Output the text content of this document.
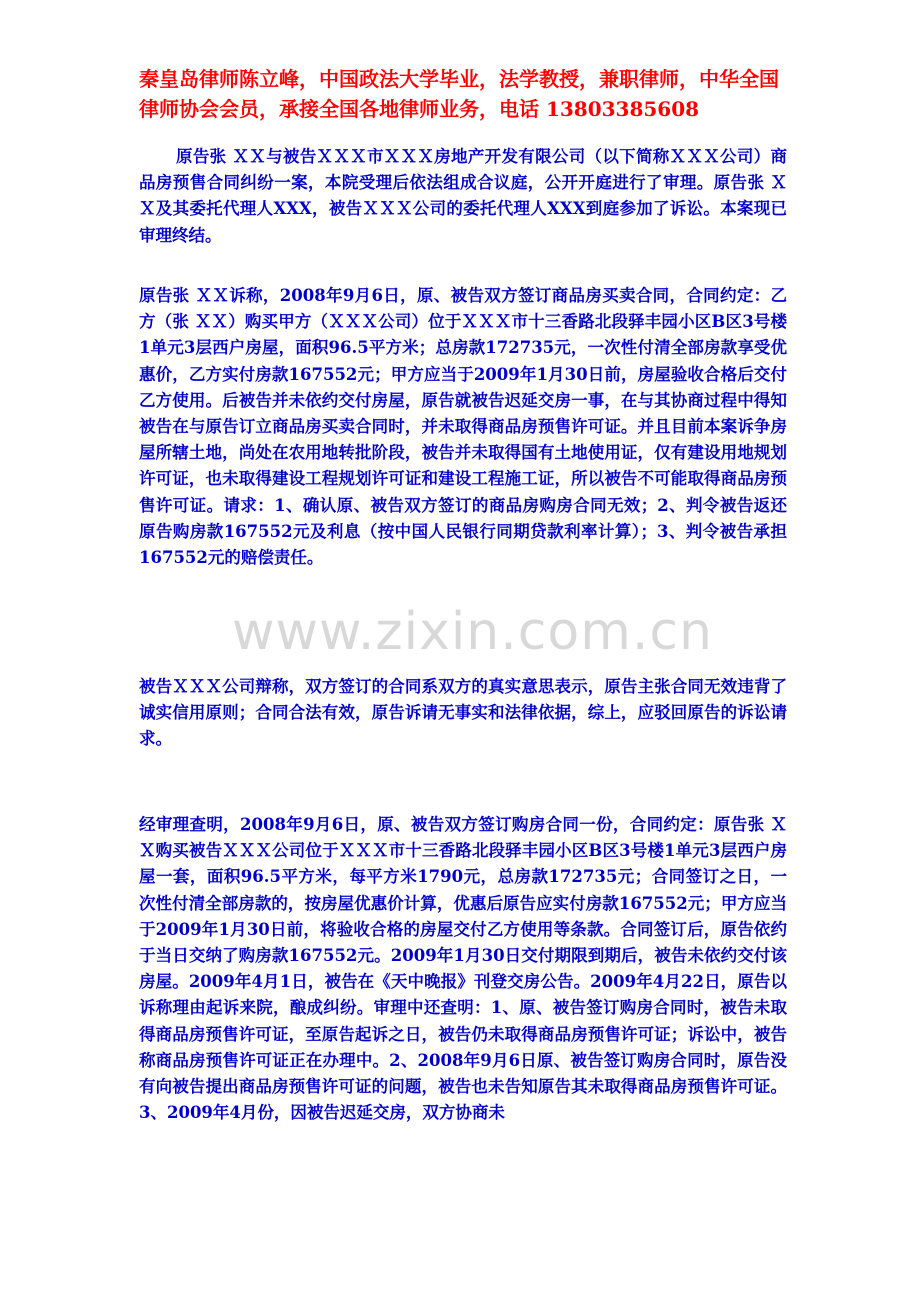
秦皇岛律师陈立峰，中国政法大学毕业，法学教授，兼职律师，中华全国律师协会会员，承接全国各地律师业务，电话 13803385608
原告张 ＸＸ与被告ＸＸＸ市ＸＸＸ房地产开发有限公司（以下简称ＸＸＸ公司）商品房预售合同纠纷一案，本院受理后依法组成合议庭，公开开庭进行了审理。原告张 ＸＸ及其委托代理人XXX，被告ＸＸＸ公司的委托代理人XXX到庭参加了诉讼。本案现已审理终结。
原告张 ＸＸ诉称，2008年9月6日，原、被告双方签订商品房买卖合同，合同约定：乙方（张 ＸＸ）购买甲方（ＸＸＸ公司）位于ＸＸＸ市十三香路北段驿丰园小区B区3号楼1单元3层西户房屋，面积96.5平方米；总房款172735元，一次性付清全部房款享受优惠价，乙方实付房款167552元；甲方应当于2009年1月30日前，房屋验收合格后交付乙方使用。后被告并未依约交付房屋，原告就被告迟延交房一事，在与其协商过程中得知被告在与原告订立商品房买卖合同时，并未取得商品房预售许可证。并且目前本案诉争房屋所辖土地，尚处在农用地转批阶段，被告并未取得国有土地使用证，仅有建设用地规划许可证，也未取得建设工程规划许可证和建设工程施工证，所以被告不可能取得商品房预售许可证。请求：1、确认原、被告双方签订的商品房购房合同无效；2、判令被告返还原告购房款167552元及利息（按中国人民银行同期贷款利率计算）；3、判令被告承担167552元的赔偿责任。
www.zixin.com.cn
被告ＸＸＸ公司辩称，双方签订的合同系双方的真实意思表示，原告主张合同无效违背了诚实信用原则；合同合法有效，原告诉请无事实和法律依据，综上，应驳回原告的诉讼请求。
经审理查明，2008年9月6日，原、被告双方签订购房合同一份，合同约定：原告张 ＸＸ购买被告ＸＸＸ公司位于ＸＸＸ市十三香路北段驿丰园小区B区3号楼1单元3层西户房屋一套，面积96.5平方米，每平方米1790元，总房款172735元；合同签订之日，一次性付清全部房款的，按房屋优惠价计算，优惠后原告应实付房款167552元；甲方应当于2009年1月30日前，将验收合格的房屋交付乙方使用等条款。合同签订后，原告依约于当日交纳了购房款167552元。2009年1月30日交付期限到期后，被告未依约交付该房屋。2009年4月1日，被告在《天中晚报》刊登交房公告。2009年4月22日，原告以诉称理由起诉来院，酿成纠纷。审理中还查明：1、原、被告签订购房合同时，被告未取得商品房预售许可证，至原告起诉之日，被告仍未取得商品房预售许可证；诉讼中，被告称商品房预售许可证正在办理中。2、2008年9月6日原、被告签订购房合同时，原告没有向被告提出商品房预售许可证的问题，被告也未告知原告其未取得商品房预售许可证。3、2009年4月份，因被告迟延交房，双方协商未
